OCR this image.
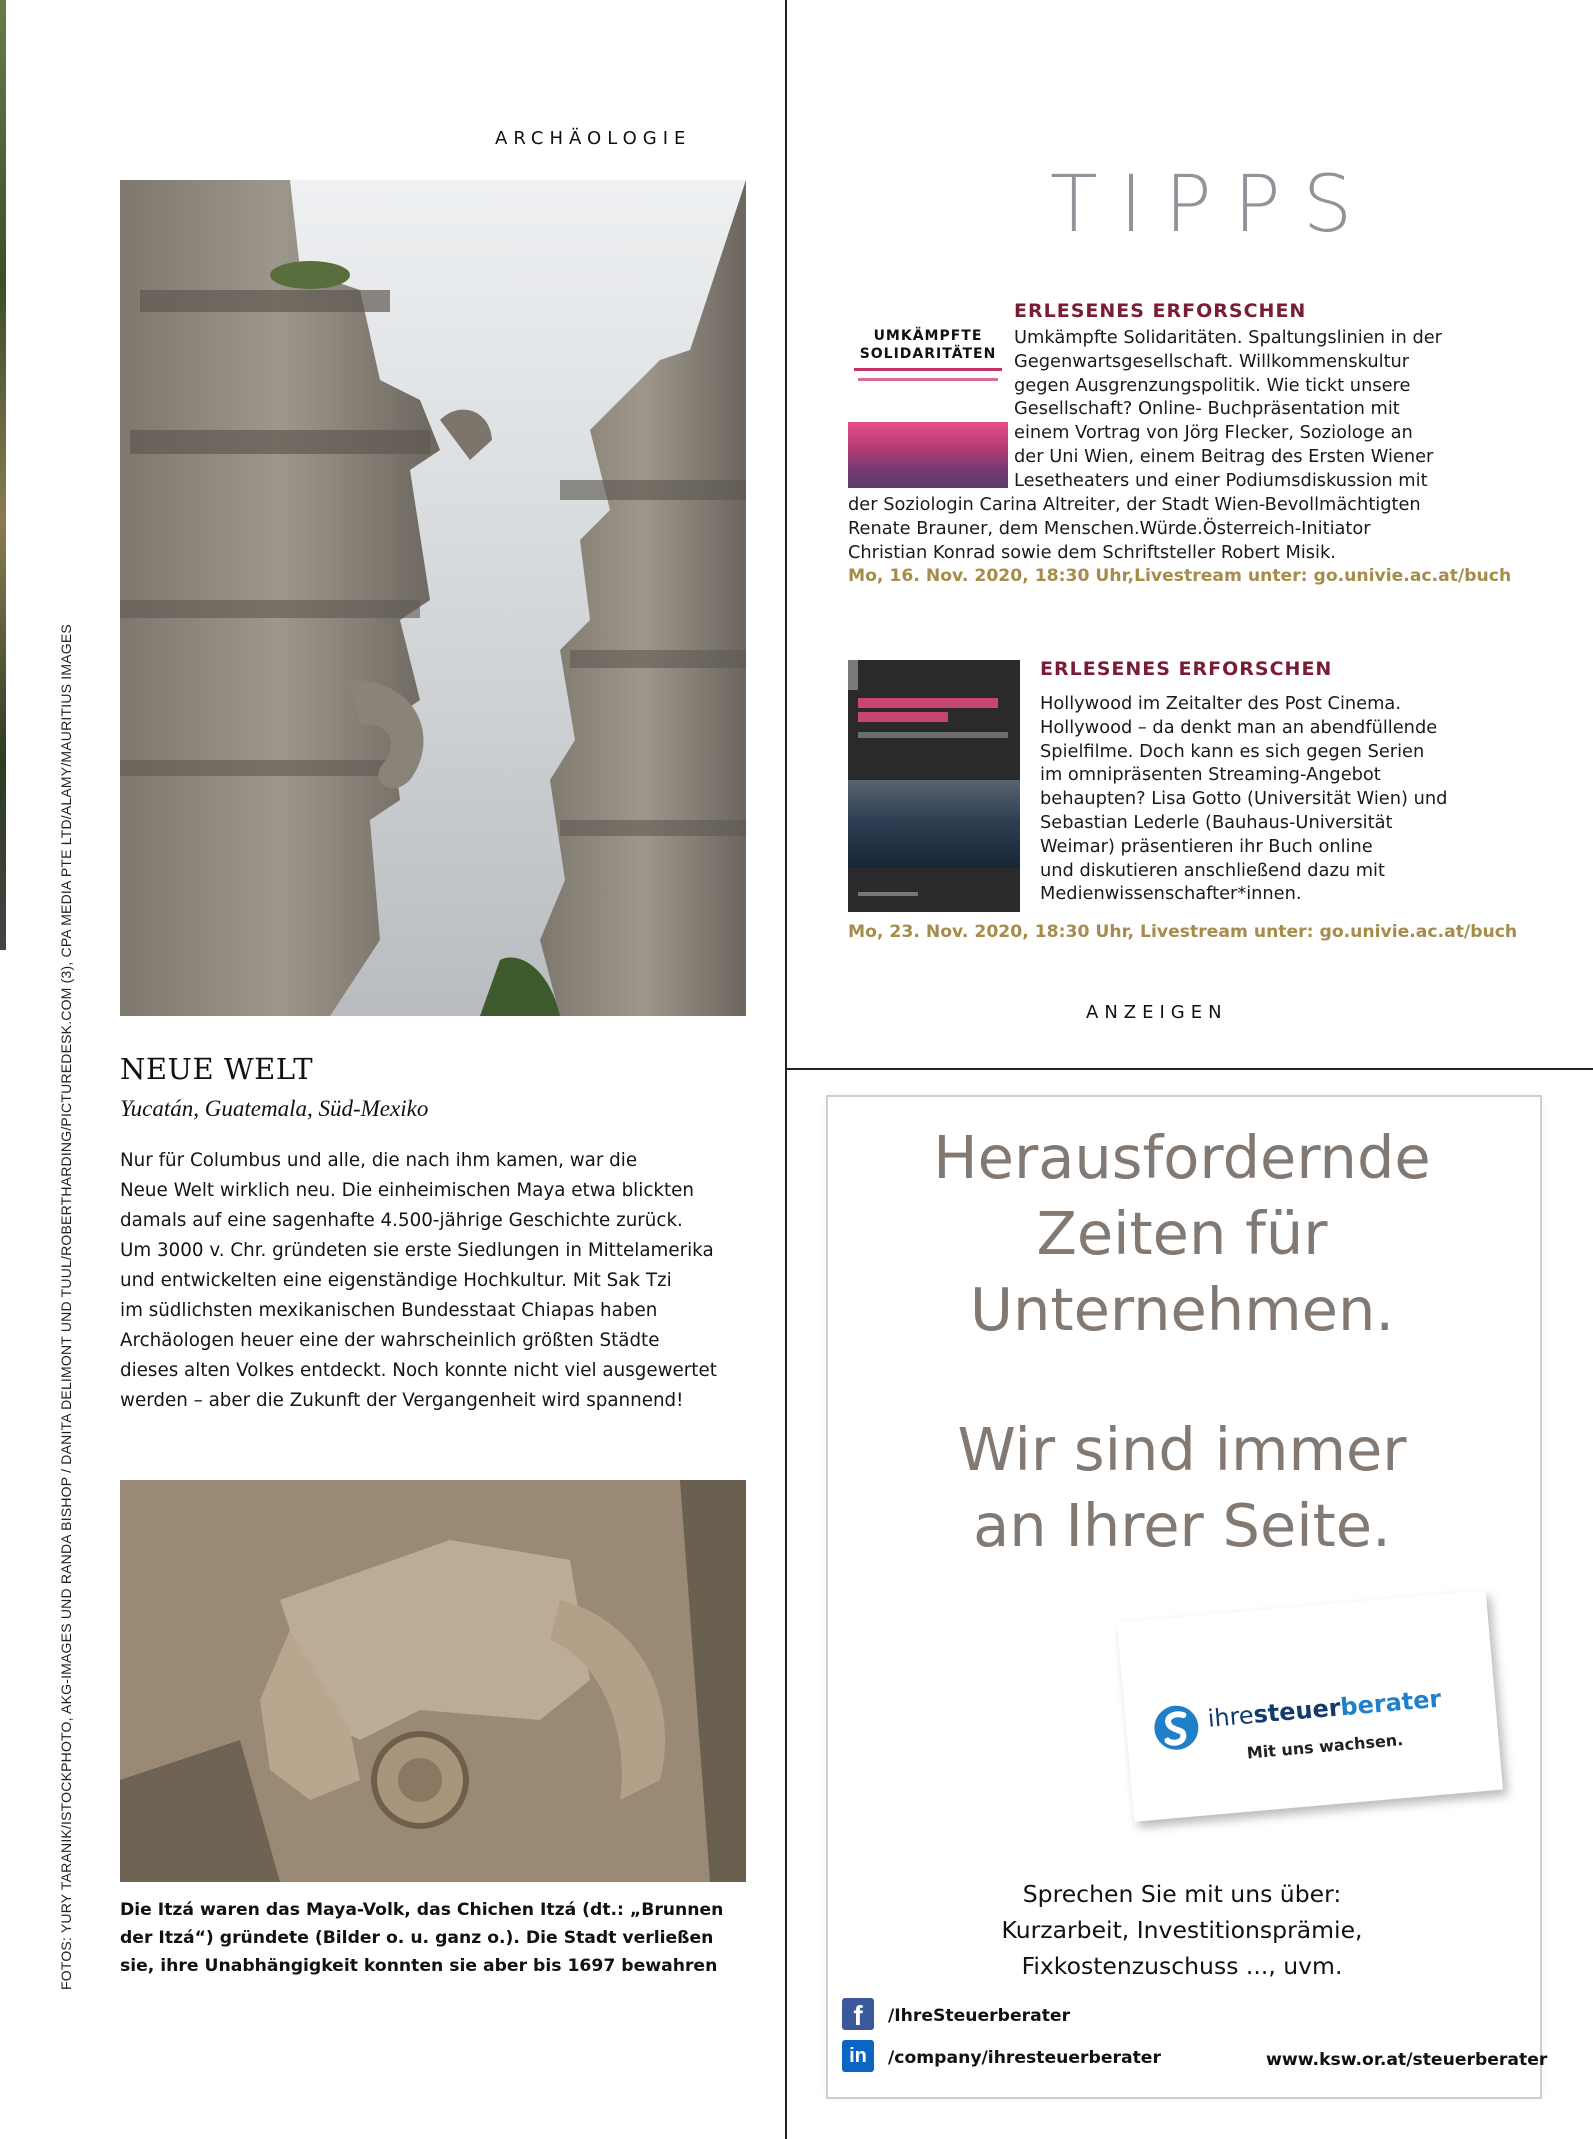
FOTOS: YURY TARANIK/ISTOCKPHOTO, AKG-IMAGES UND RANDA BISHOP / DANITA DELIMONT UND TUUL/ROBERTHARDING/PICTUREDESK.COM (3), CPA MEDIA PTE LTD/ALAMY/MAURITIUS IMAGES
ARCHÄOLOGIE
NEUE WELT
Yucatán, Guatemala, Süd-Mexiko
Nur für Columbus und alle, die nach ihm kamen, war die
Neue Welt wirklich neu. Die einheimischen Maya etwa blickten
damals auf eine sagenhafte 4.500-jährige Geschichte zurück.
Um 3000 v. Chr. gründeten sie erste Siedlungen in Mittelamerika
und entwickelten eine eigenständige Hochkultur. Mit Sak Tzi
im südlichsten mexikanischen Bundesstaat Chiapas haben
Archäologen heuer eine der wahrscheinlich größten Städte
dieses alten Volkes entdeckt. Noch konnte nicht viel ausgewertet
werden – aber die Zukunft der Vergangenheit wird spannend!
Die Itzá waren das Maya-Volk, das Chichen Itzá (dt.: „Brunnen
der Itzá“) gründete (Bilder o. u. ganz o.). Die Stadt verließen
sie, ihre Unabhängigkeit konnten sie aber bis 1697 bewahren
TIPPS
UMKÄMPFTE
SOLIDARITÄTEN
ERLESENES ERFORSCHEN
Umkämpfte Solidaritäten. Spaltungslinien in der
Gegenwartsgesellschaft. Willkommenskultur
gegen Ausgrenzungspolitik. Wie tickt unsere
Gesellschaft? Online- Buchpräsentation mit
einem Vortrag von Jörg Flecker, Soziologe an
der Uni Wien, einem Beitrag des Ersten Wiener
Lesetheaters und einer Podiumsdiskussion mit
der Soziologin Carina Altreiter, der Stadt Wien-Bevollmächtigten
Renate Brauner, dem Menschen.Würde.Österreich-Initiator
Christian Konrad sowie dem Schriftsteller Robert Misik.
Mo, 16. Nov. 2020, 18:30 Uhr,Livestream unter: go.univie.ac.at/buch
ERLESENES ERFORSCHEN
Hollywood im Zeitalter des Post Cinema.
Hollywood – da denkt man an abendfüllende
Spielfilme. Doch kann es sich gegen Serien
im omnipräsenten Streaming-Angebot
behaupten? Lisa Gotto (Universität Wien) und
Sebastian Lederle (Bauhaus-Universität
Weimar) präsentieren ihr Buch online
und diskutieren anschließend dazu mit
Medienwissenschafter*innen.
Mo, 23. Nov. 2020, 18:30 Uhr, Livestream unter: go.univie.ac.at/buch
ANZEIGEN
Herausfordernde
Zeiten für
Unternehmen.
Wir sind immer
an Ihrer Seite.
ihresteuerberater
Mit uns wachsen.
Sprechen Sie mit uns über:
Kurzarbeit, Investitionsprämie,
Fixkostenzuschuss ..., uvm.
f	/IhreSteuerberater
in	/company/ihresteuerberater	www.ksw.or.at/steuerberater
